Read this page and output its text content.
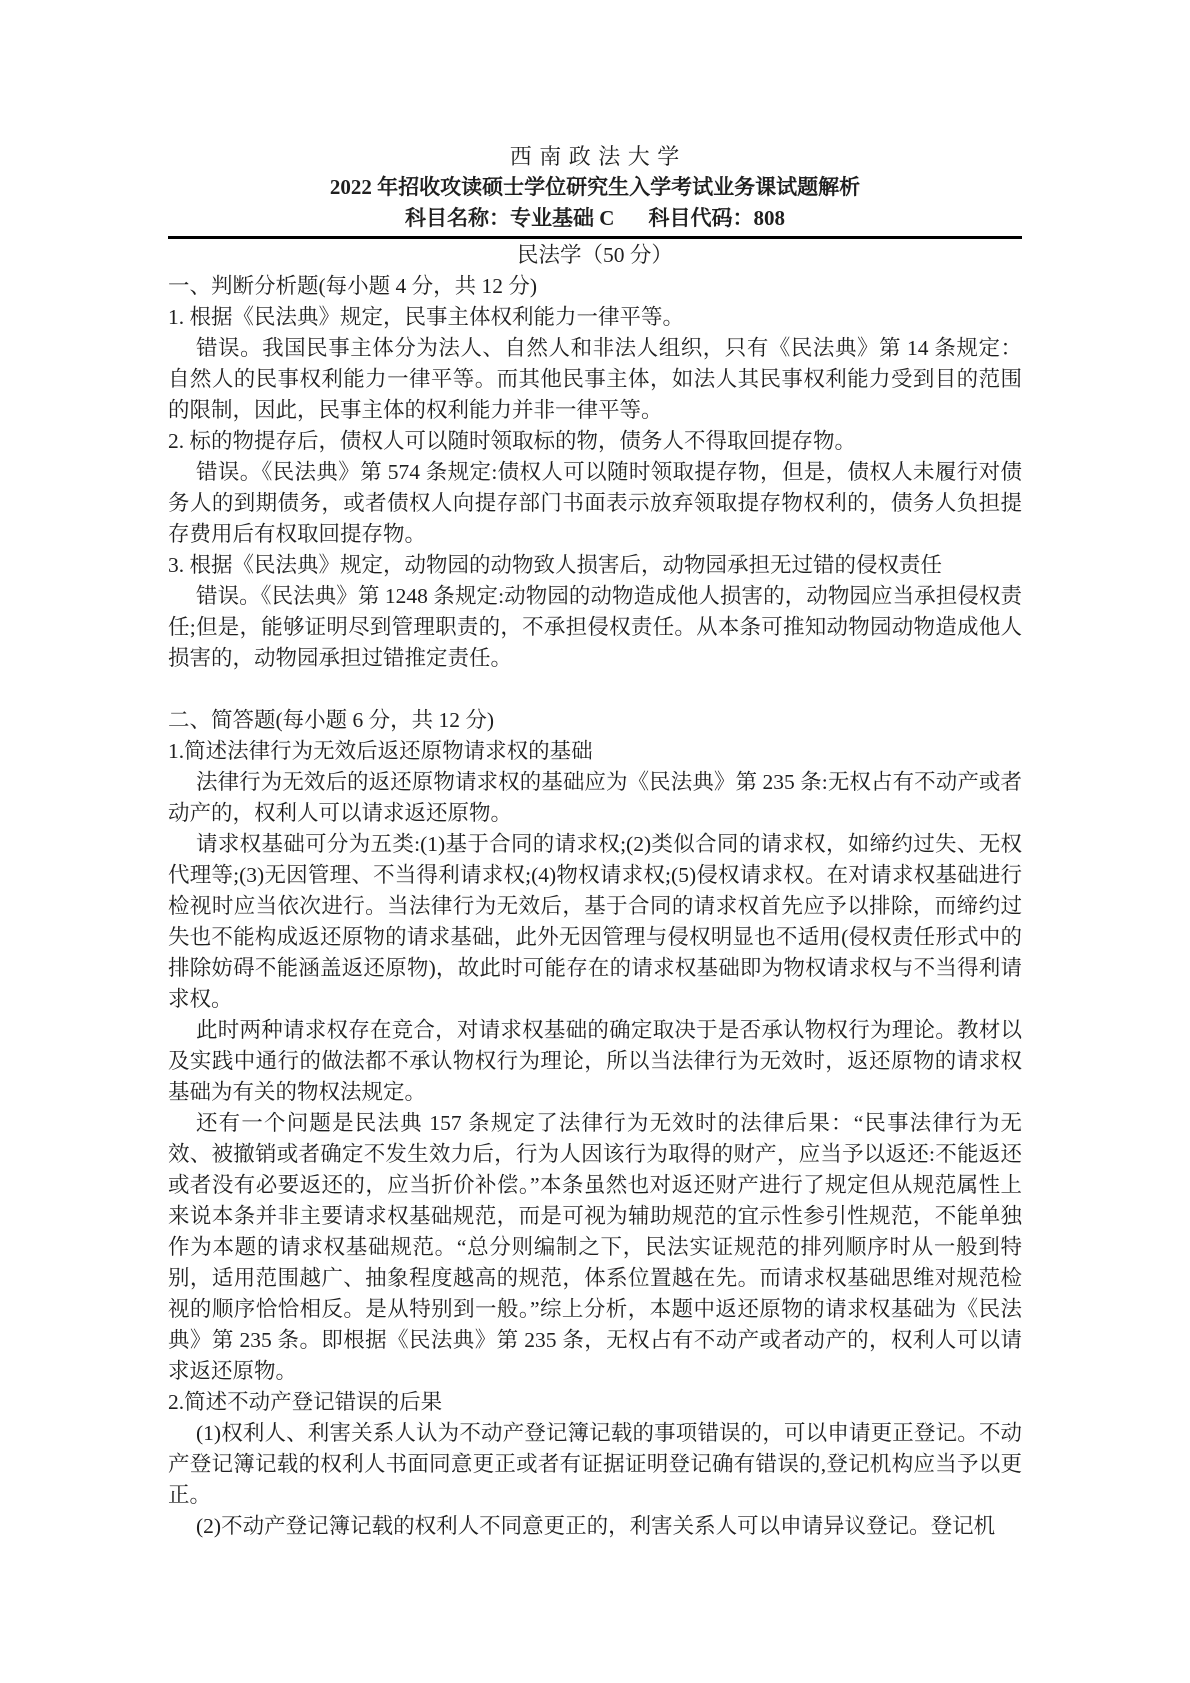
西 南 政 法 大 学
2022 年招收攻读硕士学位研究生入学考试业务课试题解析
科目名称：专业基础 C 科目代码：808
民法学（50 分）

一、判断分析题(每小题 4 分，共 12 分)

1. 根据《民法典》规定，民事主体权利能力一律平等。

错误。我国民事主体分为法人、自然人和非法人组织，只有《民法典》第 14 条规定：自然人的民事权利能力一律平等。而其他民事主体，如法人其民事权利能力受到目的范围的限制，因此，民事主体的权利能力并非一律平等。

2. 标的物提存后，债权人可以随时领取标的物，债务人不得取回提存物。

错误。《民法典》第 574 条规定:债权人可以随时领取提存物，但是，债权人未履行对债务人的到期债务，或者债权人向提存部门书面表示放弃领取提存物权利的，债务人负担提存费用后有权取回提存物。

3. 根据《民法典》规定，动物园的动物致人损害后，动物园承担无过错的侵权责任

错误。《民法典》第 1248 条规定:动物园的动物造成他人损害的，动物园应当承担侵权责任;但是，能够证明尽到管理职责的，不承担侵权责任。从本条可推知动物园动物造成他人损害的，动物园承担过错推定责任。

二、简答题(每小题 6 分，共 12 分)

1.简述法律行为无效后返还原物请求权的基础

法律行为无效后的返还原物请求权的基础应为《民法典》第 235 条:无权占有不动产或者动产的，权利人可以请求返还原物。

请求权基础可分为五类:(1)基于合同的请求权;(2)类似合同的请求权，如缔约过失、无权代理等;(3)无因管理、不当得利请求权;(4)物权请求权;(5)侵权请求权。在对请求权基础进行检视时应当依次进行。当法律行为无效后，基于合同的请求权首先应予以排除，而缔约过失也不能构成返还原物的请求基础，此外无因管理与侵权明显也不适用(侵权责任形式中的排除妨碍不能涵盖返还原物)，故此时可能存在的请求权基础即为物权请求权与不当得利请求权。

此时两种请求权存在竞合，对请求权基础的确定取决于是否承认物权行为理论。教材以及实践中通行的做法都不承认物权行为理论，所以当法律行为无效时，返还原物的请求权基础为有关的物权法规定。

还有一个问题是民法典 157 条规定了法律行为无效时的法律后果：“民事法律行为无效、被撤销或者确定不发生效力后，行为人因该行为取得的财产，应当予以返还:不能返还或者没有必要返还的，应当折价补偿。”本条虽然也对返还财产进行了规定但从规范属性上来说本条并非主要请求权基础规范，而是可视为辅助规范的宜示性参引性规范，不能单独作为本题的请求权基础规范。“总分则编制之下，民法实证规范的排列顺序时从一般到特别，适用范围越广、抽象程度越高的规范，体系位置越在先。而请求权基础思维对规范检视的顺序恰恰相反。是从特别到一般。”综上分析，本题中返还原物的请求权基础为《民法典》第 235 条。即根据《民法典》第 235 条，无权占有不动产或者动产的，权利人可以请求返还原物。

2.简述不动产登记错误的后果

(1)权利人、利害关系人认为不动产登记簿记载的事项错误的，可以申请更正登记。不动产登记簿记载的权利人书面同意更正或者有证据证明登记确有错误的,登记机构应当予以更正。

(2)不动产登记簿记载的权利人不同意更正的，利害关系人可以申请异议登记。登记机
